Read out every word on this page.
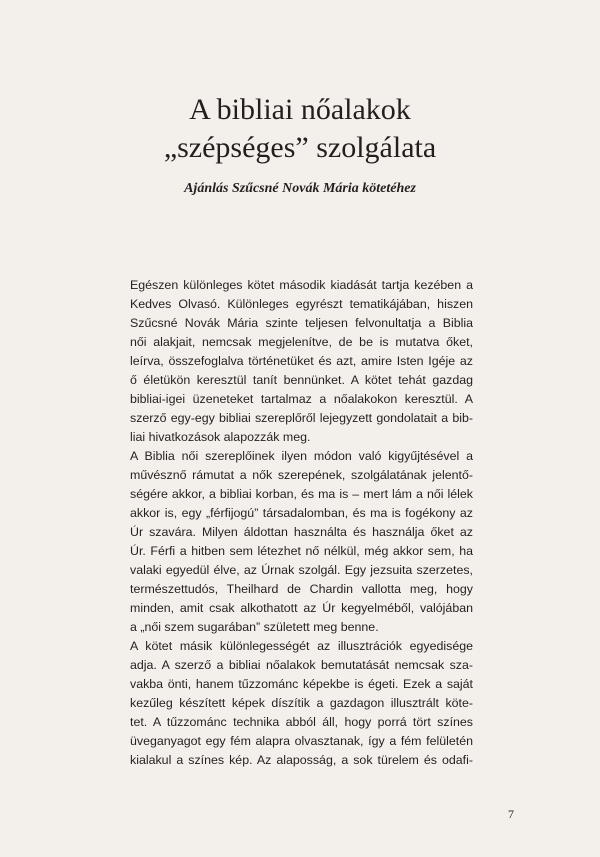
A bibliai nőalakok
„szépséges” szolgálata

Ajánlás Szűcsné Novák Mária kötetéhez

Egészen különleges kötet második kiadását tartja kezében a
Kedves Olvasó. Különleges egyrészt tematikájában, hiszen
Szűcsné Novák Mária szinte teljesen felvonultatja a Biblia
női alakjait, nemcsak megjelenítve, de be is mutatva őket,
leírva, összefoglalva történetüket és azt, amire Isten Igéje az
ő életükön keresztül tanít bennünket. A kötet tehát gazdag
bibliai-igei üzeneteket tartalmaz a nőalakokon keresztül. A
szerző egy-egy bibliai szereplőről lejegyzett gondolatait a bib-
liai hivatkozások alapozzák meg.
A Biblia női szereplőinek ilyen módon való kigyűjtésével a
művésznő rámutat a nők szerepének, szolgálatának jelentő-
ségére akkor, a bibliai korban, és ma is – mert lám a női lélek
akkor is, egy „férfijogú” társadalomban, és ma is fogékony az
Úr szavára. Milyen áldottan használta és használja őket az
Úr. Férfi a hitben sem létezhet nő nélkül, még akkor sem, ha
valaki egyedül élve, az Úrnak szolgál. Egy jezsuita szerzetes,
természettudós, Theilhard de Chardin vallotta meg, hogy
minden, amit csak alkothatott az Úr kegyelméből, valójában
a „női szem sugarában” született meg benne.
A kötet másik különlegességét az illusztrációk egyedisége
adja. A szerző a bibliai nőalakok bemutatását nemcsak sza-
vakba önti, hanem tűzzománc képekbe is égeti. Ezek a saját
kezűleg készített képek díszítik a gazdagon illusztrált köte-
tet. A tűzzománc technika abból áll, hogy porrá tört színes
üveganyagot egy fém alapra olvasztanak, így a fém felületén
kialakul a színes kép. Az alaposság, a sok türelem és odafi-
7
